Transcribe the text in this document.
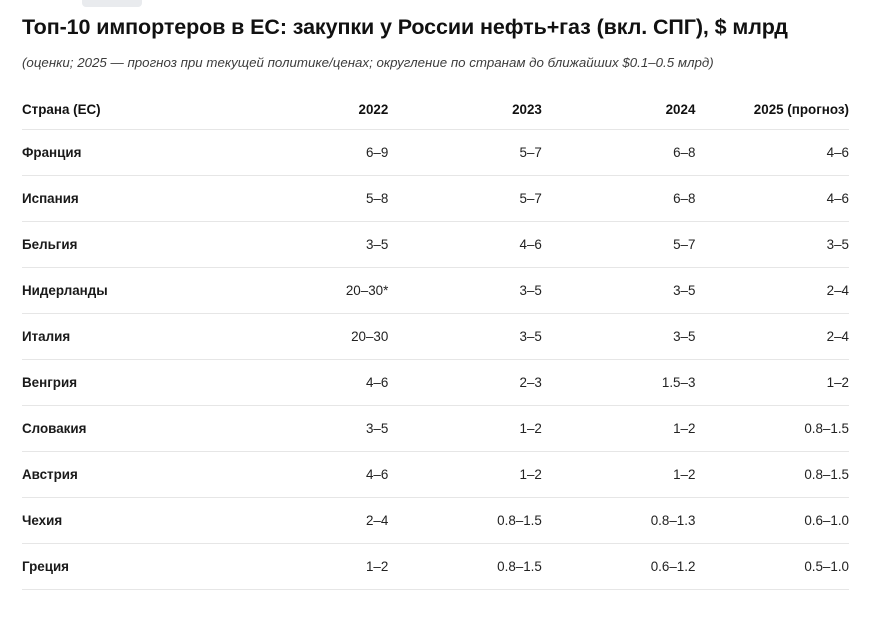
Топ-10 импортеров в ЕС: закупки у России нефть+газ (вкл. СПГ), $ млрд

(оценки; 2025 — прогноз при текущей политике/ценах; округление по странам до ближайших $0.1–0.5 млрд)

Страна (ЕС)	2022	2023	2024	2025 (прогноз)
Франция	6–9	5–7	6–8	4–6
Испания	5–8	5–7	6–8	4–6
Бельгия	3–5	4–6	5–7	3–5
Нидерланды	20–30*	3–5	3–5	2–4
Италия	20–30	3–5	3–5	2–4
Венгрия	4–6	2–3	1.5–3	1–2
Словакия	3–5	1–2	1–2	0.8–1.5
Австрия	4–6	1–2	1–2	0.8–1.5
Чехия	2–4	0.8–1.5	0.8–1.3	0.6–1.0
Греция	1–2	0.8–1.5	0.6–1.2	0.5–1.0
